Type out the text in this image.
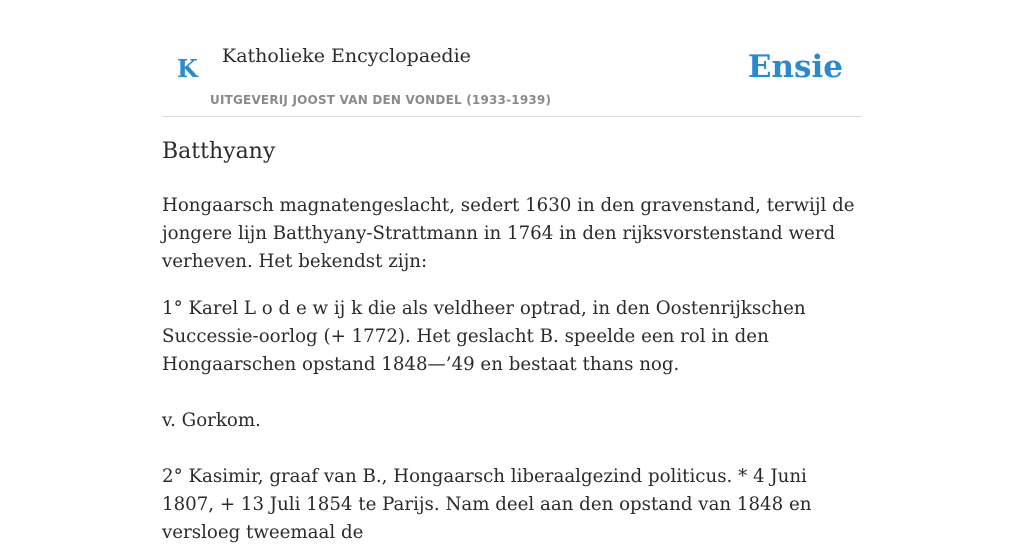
K Katholieke Encyclopaedie
UITGEVERIJ JOOST VAN DEN VONDEL (1933-1939)
Ensie
Batthyany

Hongaarsch magnatengeslacht, sedert 1630 in den gravenstand, terwijl de jongere lijn Batthyany-Strattmann in 1764 in den rijksvorstenstand werd verheven. Het bekendst zijn:

1° Karel L o d e w ij k die als veldheer optrad, in den Oostenrijkschen Successie-oorlog (+ 1772). Het geslacht B. speelde een rol in den Hongaarschen opstand 1848—’49 en bestaat thans nog.

v. Gorkom.

2° Kasimir, graaf van B., Hongaarsch liberaalgezind politicus. * 4 Juni 1807, + 13 Juli 1854 te Parijs. Nam deel aan den opstand van 1848 en versloeg tweemaal de
